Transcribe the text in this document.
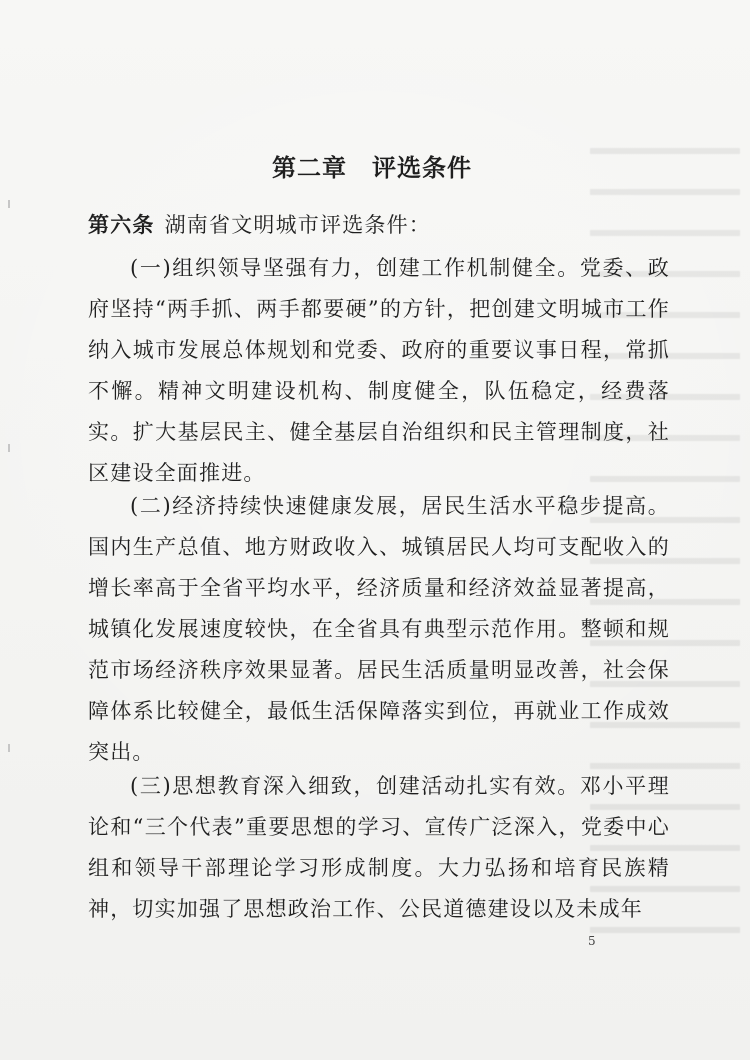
第二章　评选条件
第六条 湖南省文明城市评选条件：
(一)组织领导坚强有力，创建工作机制健全。党委、政府坚持“两手抓、两手都要硬”的方针，把创建文明城市工作纳入城市发展总体规划和党委、政府的重要议事日程，常抓不懈。精神文明建设机构、制度健全，队伍稳定，经费落实。扩大基层民主、健全基层自治组织和民主管理制度，社区建设全面推进。
(二)经济持续快速健康发展，居民生活水平稳步提高。国内生产总值、地方财政收入、城镇居民人均可支配收入的增长率高于全省平均水平，经济质量和经济效益显著提高，城镇化发展速度较快，在全省具有典型示范作用。整顿和规范市场经济秩序效果显著。居民生活质量明显改善，社会保障体系比较健全，最低生活保障落实到位，再就业工作成效突出。
(三)思想教育深入细致，创建活动扎实有效。邓小平理论和“三个代表”重要思想的学习、宣传广泛深入，党委中心组和领导干部理论学习形成制度。大力弘扬和培育民族精神，切实加强了思想政治工作、公民道德建设以及未成年
5
